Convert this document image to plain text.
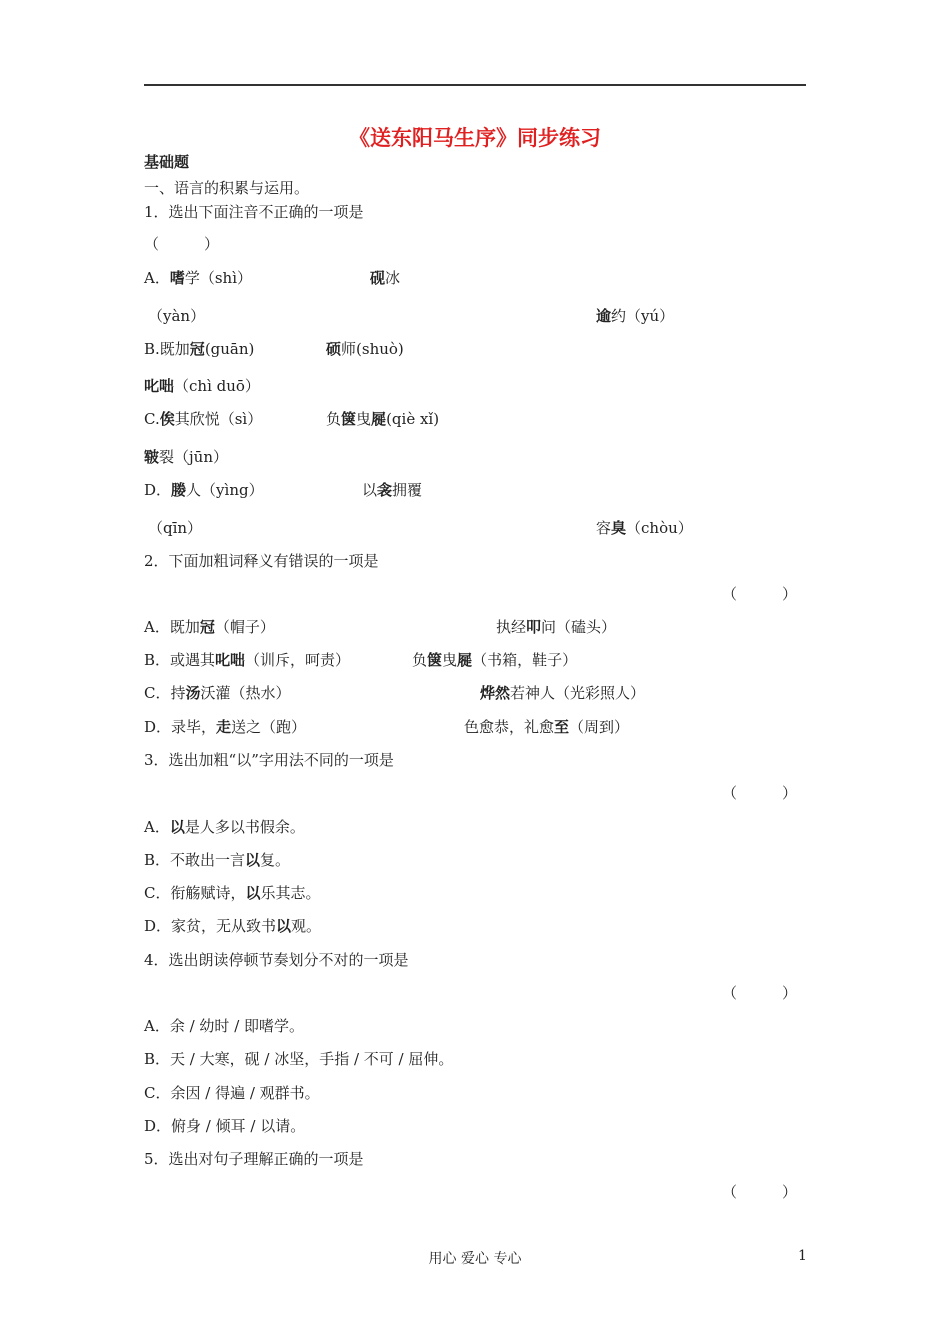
《送东阳马生序》同步练习
基础题
一、语言的积累与运用。
1．选出下面注音不正确的一项是
（　　　）
A．嗜学（shì）	砚冰
（yàn）	逾约（yú）
B.既加冠(guān)	硕师(shuò)
叱咄（chì duō）
C.俟其欣悦（sì）	负箧曳屣(qiè xǐ)
皲裂（jūn）
D．媵人（yìng）	以衾拥覆
（qīn）	容臭（chòu）
2．下面加粗词释义有错误的一项是
（　　　）
A．既加冠（帽子）	执经叩问（磕头）
B．或遇其叱咄（训斥，呵责）	负箧曳屣（书箱，鞋子）
C．持汤沃灌（热水）	烨然若神人（光彩照人）
D．录毕，走送之（跑）	色愈恭，礼愈至（周到）
3．选出加粗“以”字用法不同的一项是
（　　　）
A．以是人多以书假余。
B．不敢出一言以复。
C．衔觞赋诗，以乐其志。
D．家贫，无从致书以观。
4．选出朗读停顿节奏划分不对的一项是
（　　　）
A．余 / 幼时 / 即嗜学。
B．天 / 大寒，砚 / 冰坚，手指 / 不可 / 屈伸。
C．余因 / 得遍 / 观群书。
D．俯身 / 倾耳 / 以请。
5．选出对句子理解正确的一项是
（　　　）
用心 爱心 专心	1
